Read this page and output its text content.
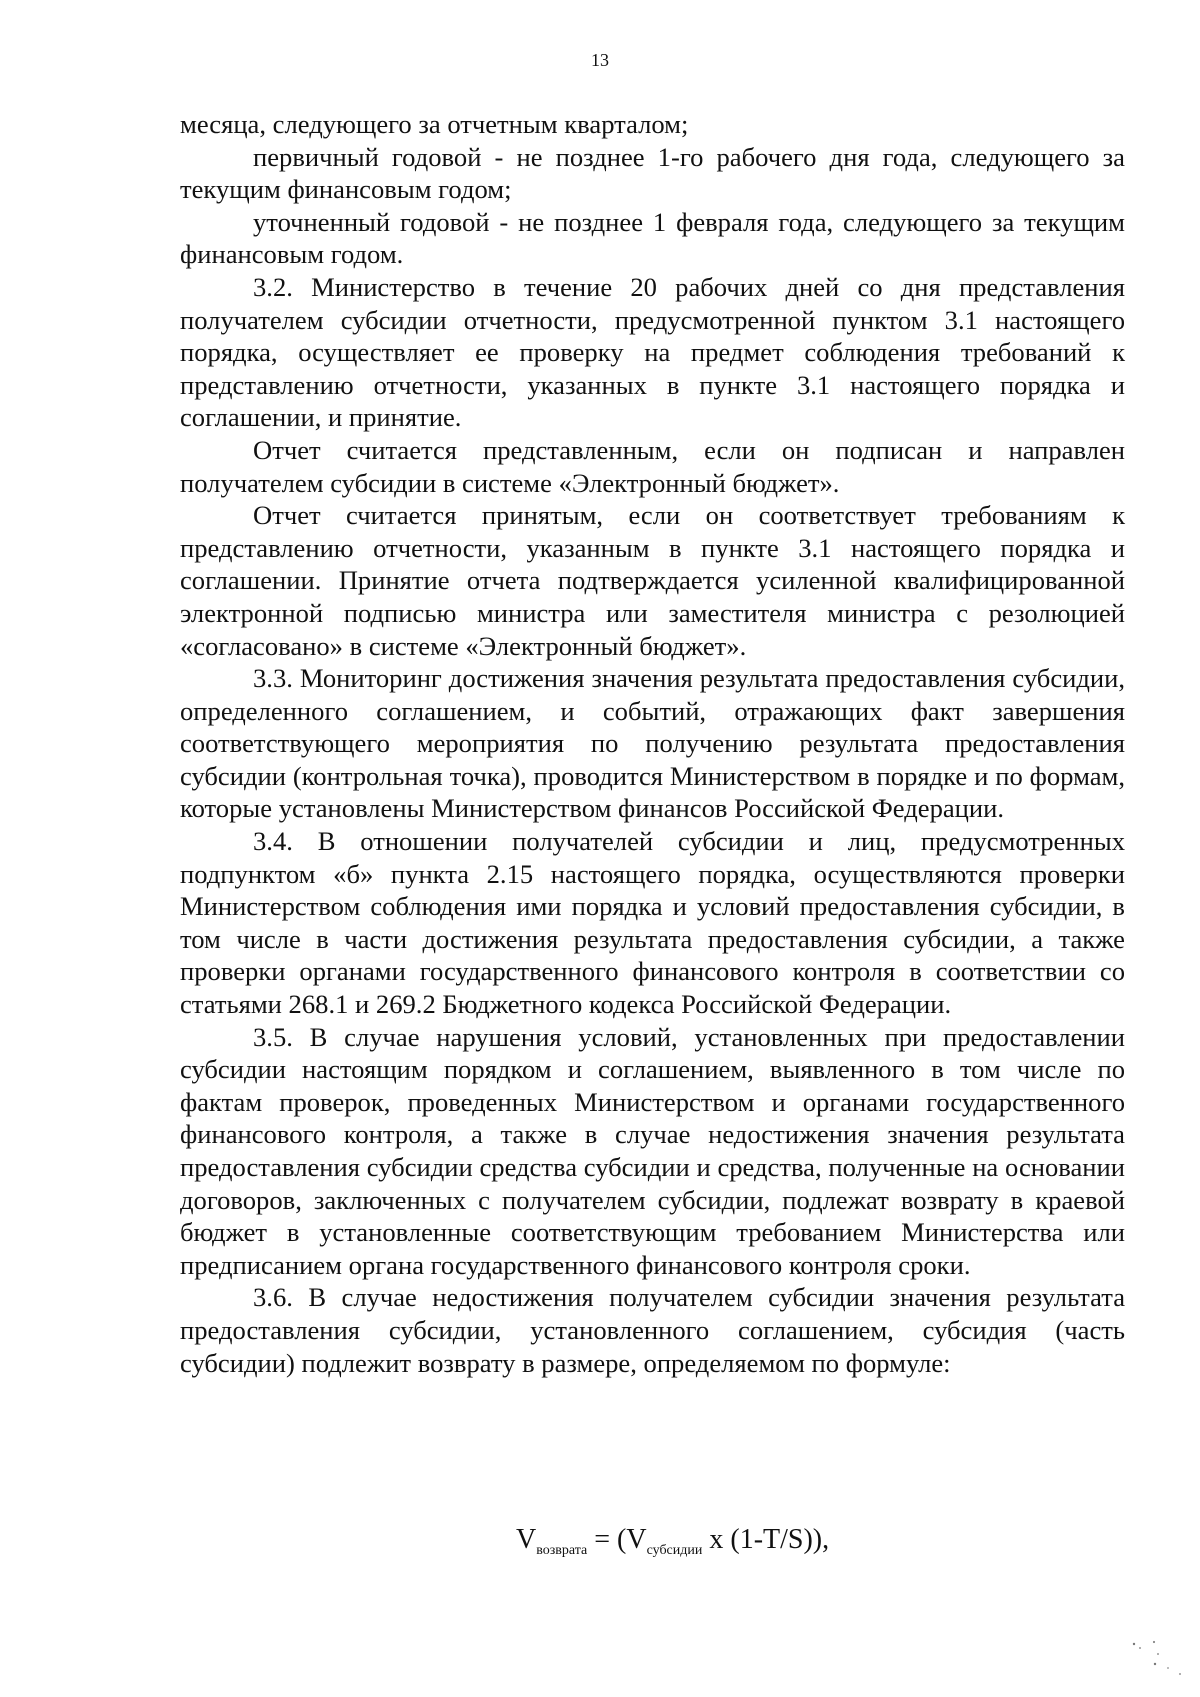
13

месяца, следующего за отчетным кварталом;

первичный годовой - не позднее 1-го рабочего дня года, следующего за текущим финансовым годом;

уточненный годовой - не позднее 1 февраля года, следующего за текущим финансовым годом.

3.2. Министерство в течение 20 рабочих дней со дня представления получателем субсидии отчетности, предусмотренной пунктом 3.1 настоящего порядка, осуществляет ее проверку на предмет соблюдения требований к представлению отчетности, указанных в пункте 3.1 настоящего порядка и соглашении, и принятие.

Отчет считается представленным, если он подписан и направлен получателем субсидии в системе «Электронный бюджет».

Отчет считается принятым, если он соответствует требованиям к представлению отчетности, указанным в пункте 3.1 настоящего порядка и соглашении. Принятие отчета подтверждается усиленной квалифицированной электронной подписью министра или заместителя министра с резолюцией «согласовано» в системе «Электронный бюджет».

3.3. Мониторинг достижения значения результата предоставления субсидии, определенного соглашением, и событий, отражающих факт завершения соответствующего мероприятия по получению результата предоставления субсидии (контрольная точка), проводится Министерством в порядке и по формам, которые установлены Министерством финансов Российской Федерации.

3.4. В отношении получателей субсидии и лиц, предусмотренных подпунктом «б» пункта 2.15 настоящего порядка, осуществляются проверки Министерством соблюдения ими порядка и условий предоставления субсидии, в том числе в части достижения результата предоставления субсидии, а также проверки органами государственного финансового контроля в соответствии со статьями 268.1 и 269.2 Бюджетного кодекса Российской Федерации.

3.5. В случае нарушения условий, установленных при предоставлении субсидии настоящим порядком и соглашением, выявленного в том числе по фактам проверок, проведенных Министерством и органами государственного финансового контроля, а также в случае недостижения значения результата предоставления субсидии средства субсидии и средства, полученные на основании договоров, заключенных с получателем субсидии, подлежат возврату в краевой бюджет в установленные соответствующим требованием Министерства или предписанием органа государственного финансового контроля сроки.

3.6. В случае недостижения получателем субсидии значения результата предоставления субсидии, установленного соглашением, субсидия (часть субсидии) подлежит возврату в размере, определяемом по формуле:

$V_{возврата} = (V_{субсидии}$ x (1-T/S)),
